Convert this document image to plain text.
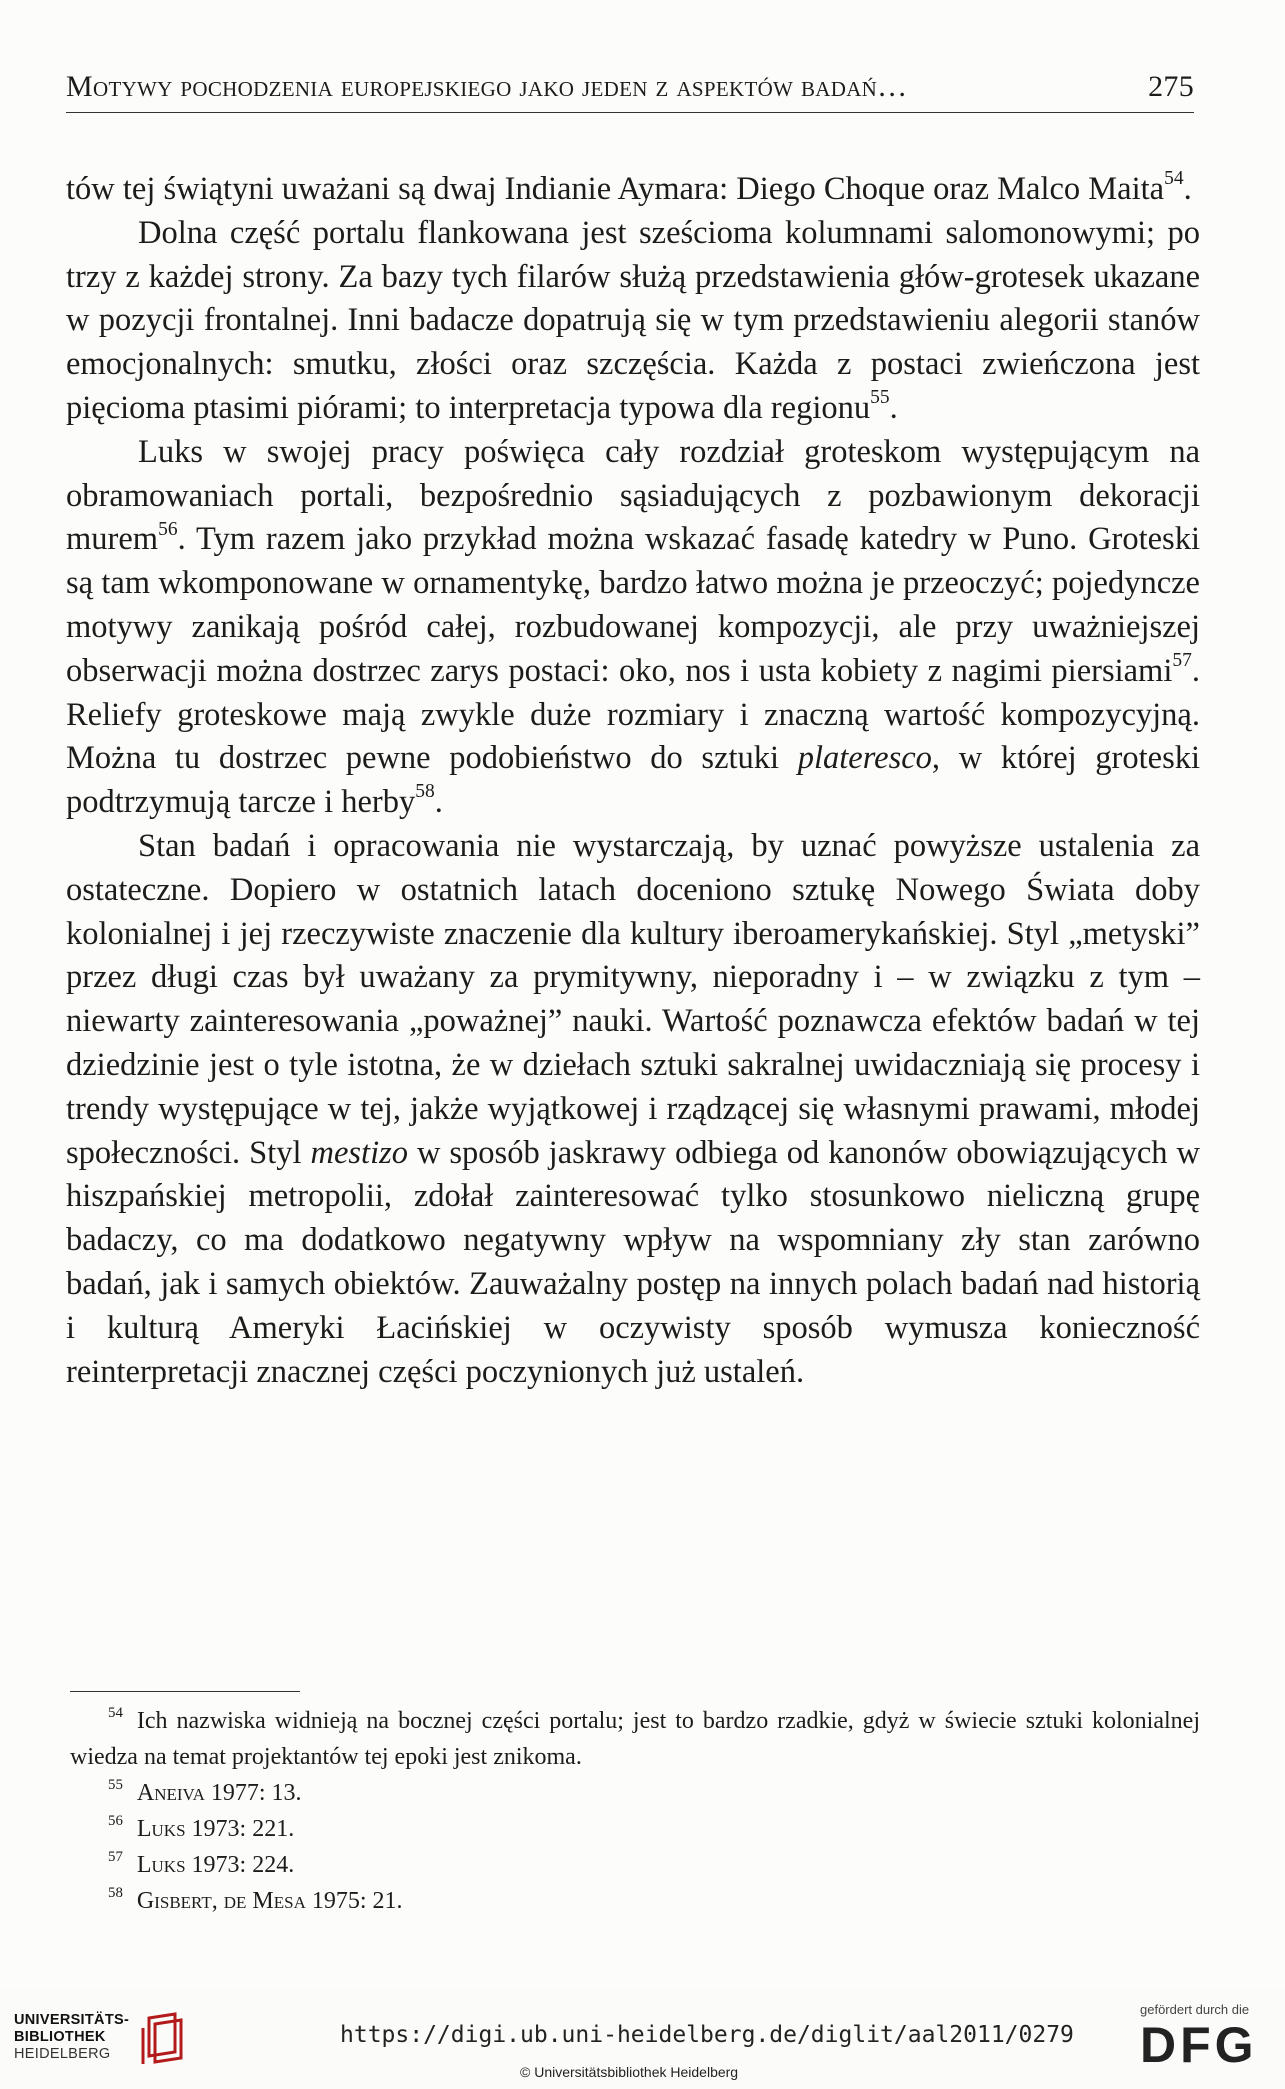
Motywy pochodzenia europejskiego jako jeden z aspektów badań…	275

tów tej świątyni uważani są dwaj Indianie Aymara: Diego Choque oraz Malco Maita$^{54}$.

Dolna część portalu flankowana jest sześcioma kolumnami salomonowymi; po trzy z każdej strony. Za bazy tych filarów służą przedstawienia głów-grotesek ukazane w pozycji frontalnej. Inni badacze dopatrują się w tym przedstawieniu alegorii stanów emocjonalnych: smutku, złości oraz szczęścia. Każda z postaci zwieńczona jest pięcioma ptasimi piórami; to interpretacja typowa dla regionu$^{55}$.

Luks w swojej pracy poświęca cały rozdział groteskom występującym na obramowaniach portali, bezpośrednio sąsiadujących z pozbawionym dekoracji murem$^{56}$. Tym razem jako przykład można wskazać fasadę katedry w Puno. Groteski są tam wkomponowane w ornamentykę, bardzo łatwo można je przeoczyć; pojedyncze motywy zanikają pośród całej, rozbudowanej kompozycji, ale przy uważniejszej obserwacji można dostrzec zarys postaci: oko, nos i usta kobiety z nagimi piersiami$^{57}$. Reliefy groteskowe mają zwykle duże rozmiary i znaczną wartość kompozycyjną. Można tu dostrzec pewne podobieństwo do sztuki plateresco, w której groteski podtrzymują tarcze i herby$^{58}$.

Stan badań i opracowania nie wystarczają, by uznać powyższe ustalenia za ostateczne. Dopiero w ostatnich latach doceniono sztukę Nowego Świata doby kolonialnej i jej rzeczywiste znaczenie dla kultury iberoamerykańskiej. Styl „metyski” przez długi czas był uważany za prymitywny, nieporadny i – w związku z tym – niewarty zainteresowania „poważnej” nauki. Wartość poznawcza efektów badań w tej dziedzinie jest o tyle istotna, że w dziełach sztuki sakralnej uwidaczniają się procesy i trendy występujące w tej, jakże wyjątkowej i rządzącej się własnymi prawami, młodej społeczności. Styl mestizo w sposób jaskrawy odbiega od kanonów obowiązujących w hiszpańskiej metropolii, zdołał zainteresować tylko stosunkowo nieliczną grupę badaczy, co ma dodatkowo negatywny wpływ na wspomniany zły stan zarówno badań, jak i samych obiektów. Zauważalny postęp na innych polach badań nad historią i kulturą Ameryki Łacińskiej w oczywisty sposób wymusza konieczność reinterpretacji znacznej części poczynionych już ustaleń.

$^{54}$ Ich nazwiska widnieją na bocznej części portalu; jest to bardzo rzadkie, gdyż w świecie sztuki kolonialnej wiedza na temat projektantów tej epoki jest znikoma.

$^{55}$ Aneiva 1977: 13.

$^{56}$ Luks 1973: 221.

$^{57}$ Luks 1973: 224.

$^{58}$ Gisbert, de Mesa 1975: 21.

UNIVERSITÄTS-
BIBLIOTHEK
HEIDELBERG
https://digi.ub.uni-heidelberg.de/diglit/aal2011/0279
© Universitätsbibliothek Heidelberg
gefördert durch die
DFG
